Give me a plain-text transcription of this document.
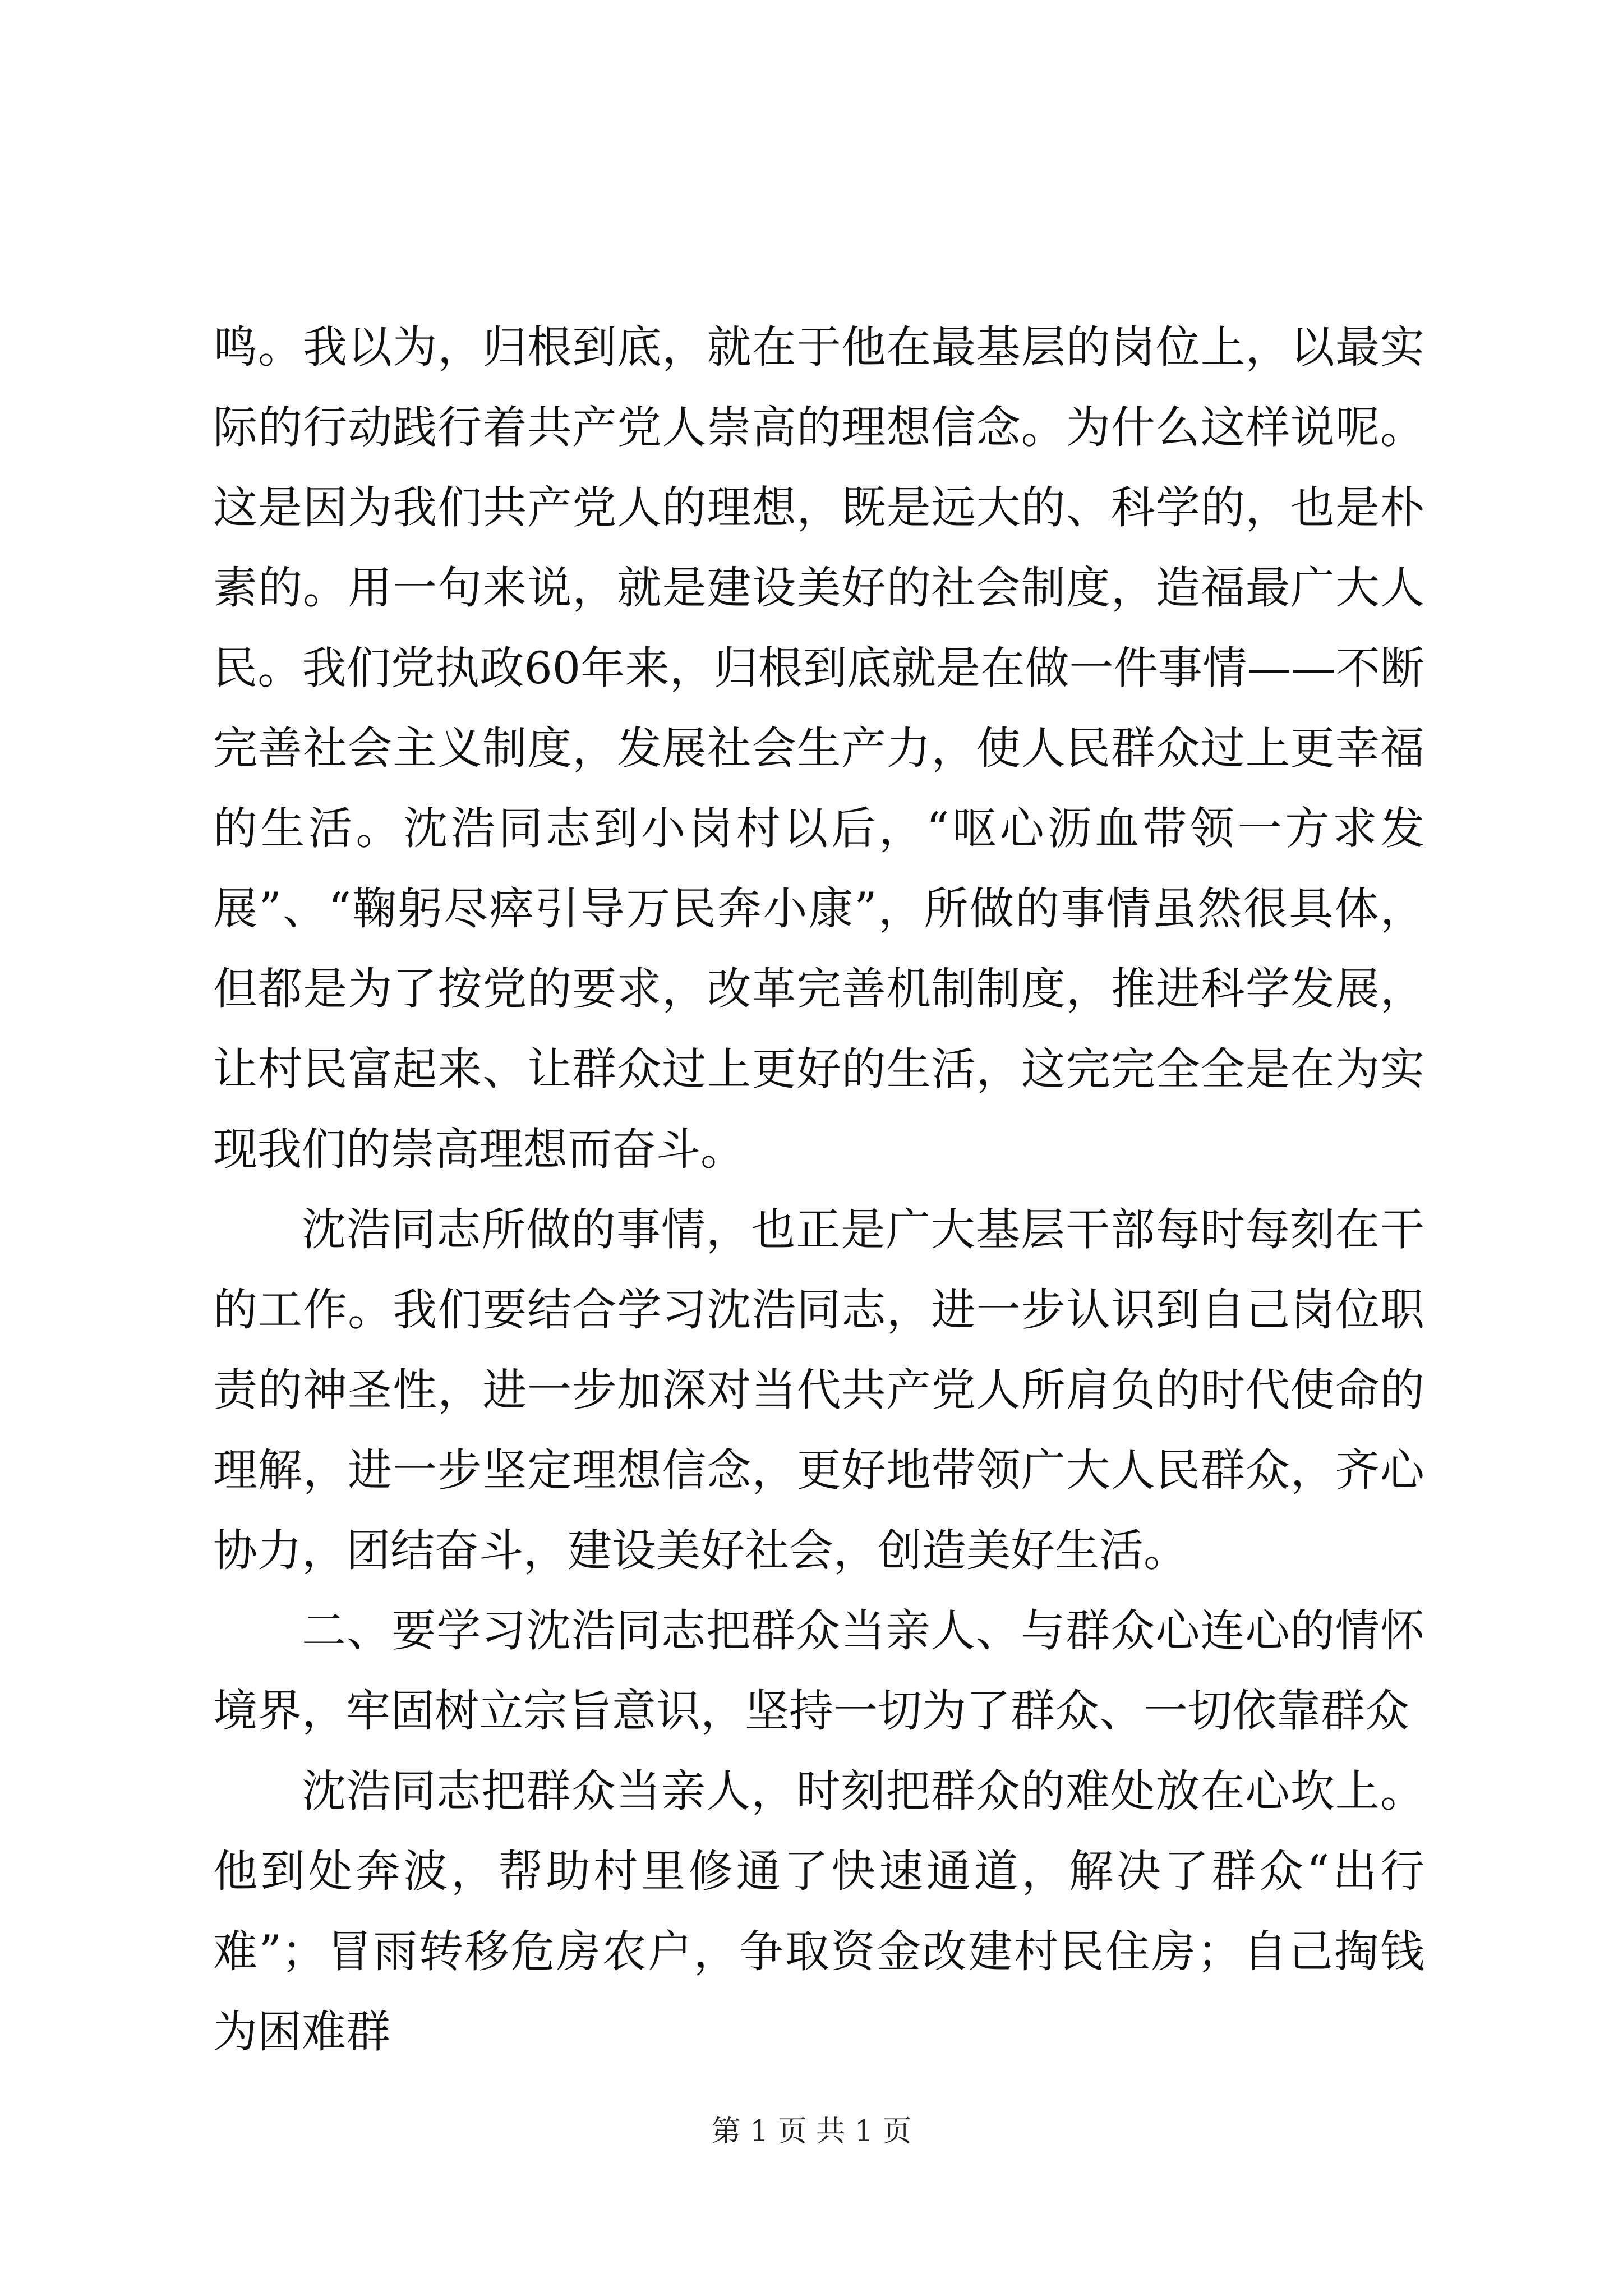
鸣。我以为，归根到底，就在于他在最基层的岗位上，以最实际的行动践行着共产党人崇高的理想信念。为什么这样说呢。这是因为我们共产党人的理想，既是远大的、科学的，也是朴素的。用一句来说，就是建设美好的社会制度，造福最广大人民。我们党执政60年来，归根到底就是在做一件事情——不断完善社会主义制度，发展社会生产力，使人民群众过上更幸福的生活。沈浩同志到小岗村以后，“呕心沥血带领一方求发展”、“鞠躬尽瘁引导万民奔小康”，所做的事情虽然很具体，但都是为了按党的要求，改革完善机制制度，推进科学发展，让村民富起来、让群众过上更好的生活，这完完全全是在为实现我们的崇高理想而奋斗。

沈浩同志所做的事情，也正是广大基层干部每时每刻在干的工作。我们要结合学习沈浩同志，进一步认识到自己岗位职责的神圣性，进一步加深对当代共产党人所肩负的时代使命的理解，进一步坚定理想信念，更好地带领广大人民群众，齐心协力，团结奋斗，建设美好社会，创造美好生活。

二、要学习沈浩同志把群众当亲人、与群众心连心的情怀境界，牢固树立宗旨意识，坚持一切为了群众、一切依靠群众

沈浩同志把群众当亲人，时刻把群众的难处放在心坎上。他到处奔波，帮助村里修通了快速通道，解决了群众“出行难”；冒雨转移危房农户，争取资金改建村民住房；自己掏钱为困难群

第 1 页 共 1 页
